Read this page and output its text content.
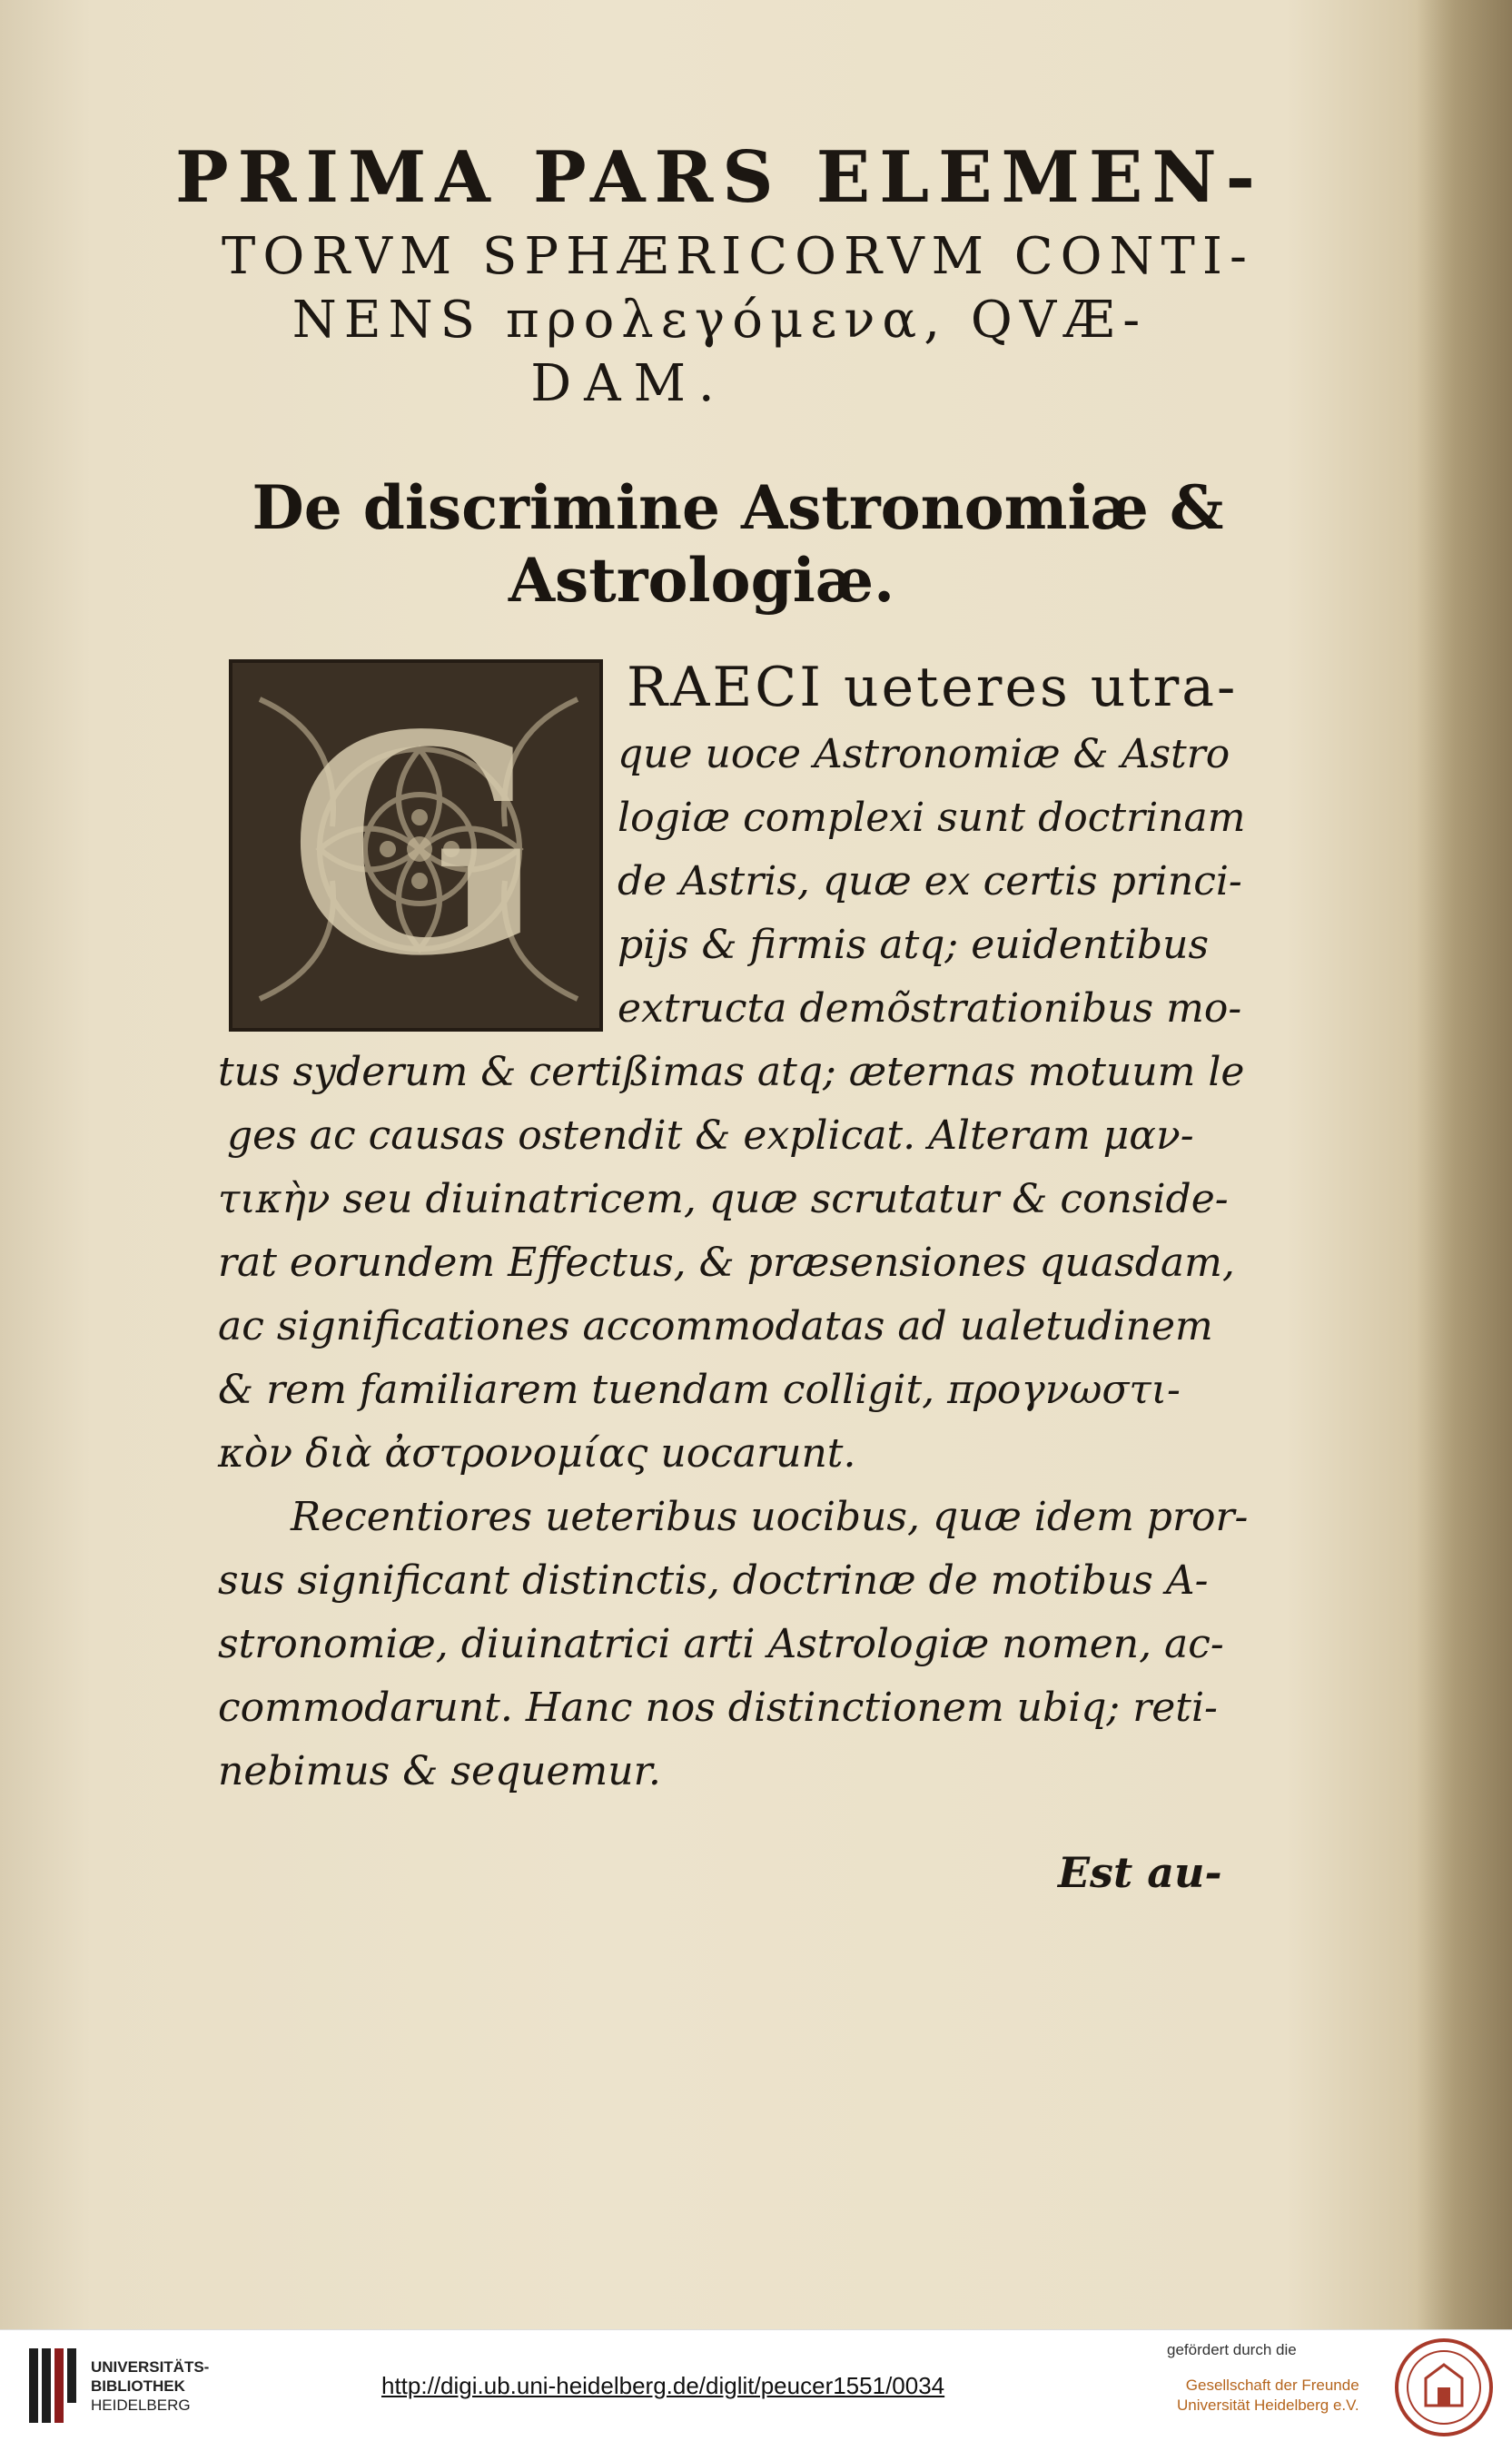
PRIMA PARS ELEMEN-
TORVM SPHÆRICORVM CONTI-
NENS προλεγόμενα, QVÆ-
DAM.
De discrimine Astronomiæ &
Astrologiæ.
G RAECI ueteres utra-
que uoce Astronomiæ & Astro
logiæ complexi sunt doctrinam
de Astris, quæ ex certis princi-
pijs & firmis atq; euidentibus
extructa demõstrationibus mo-
tus syderum & certißimas atq; æternas motuum le
ges ac causas ostendit & explicat. Alteram μαν-
τικὴν seu diuinatricem, quæ scrutatur & conside-
rat eorundem Effectus, & præsensiones quasdam,
ac significationes accommodatas ad ualetudinem
& rem familiarem tuendam colligit, προγνωστι-
κὸν διὰ ἀστρονομίας uocarunt.
Recentiores ueteribus uocibus, quæ idem pror-
sus significant distinctis, doctrinæ de motibus A-
stronomiæ, diuinatrici arti Astrologiæ nomen, ac-
commodarunt. Hanc nos distinctionem ubiq; reti-
nebimus & sequemur.
Est au-
UNIVERSITÄTS-
BIBLIOTHEK
HEIDELBERG
http://digi.ub.uni-heidelberg.de/diglit/peucer1551/0034
gefördert durch die
Gesellschaft der Freunde
Universität Heidelberg e.V.
